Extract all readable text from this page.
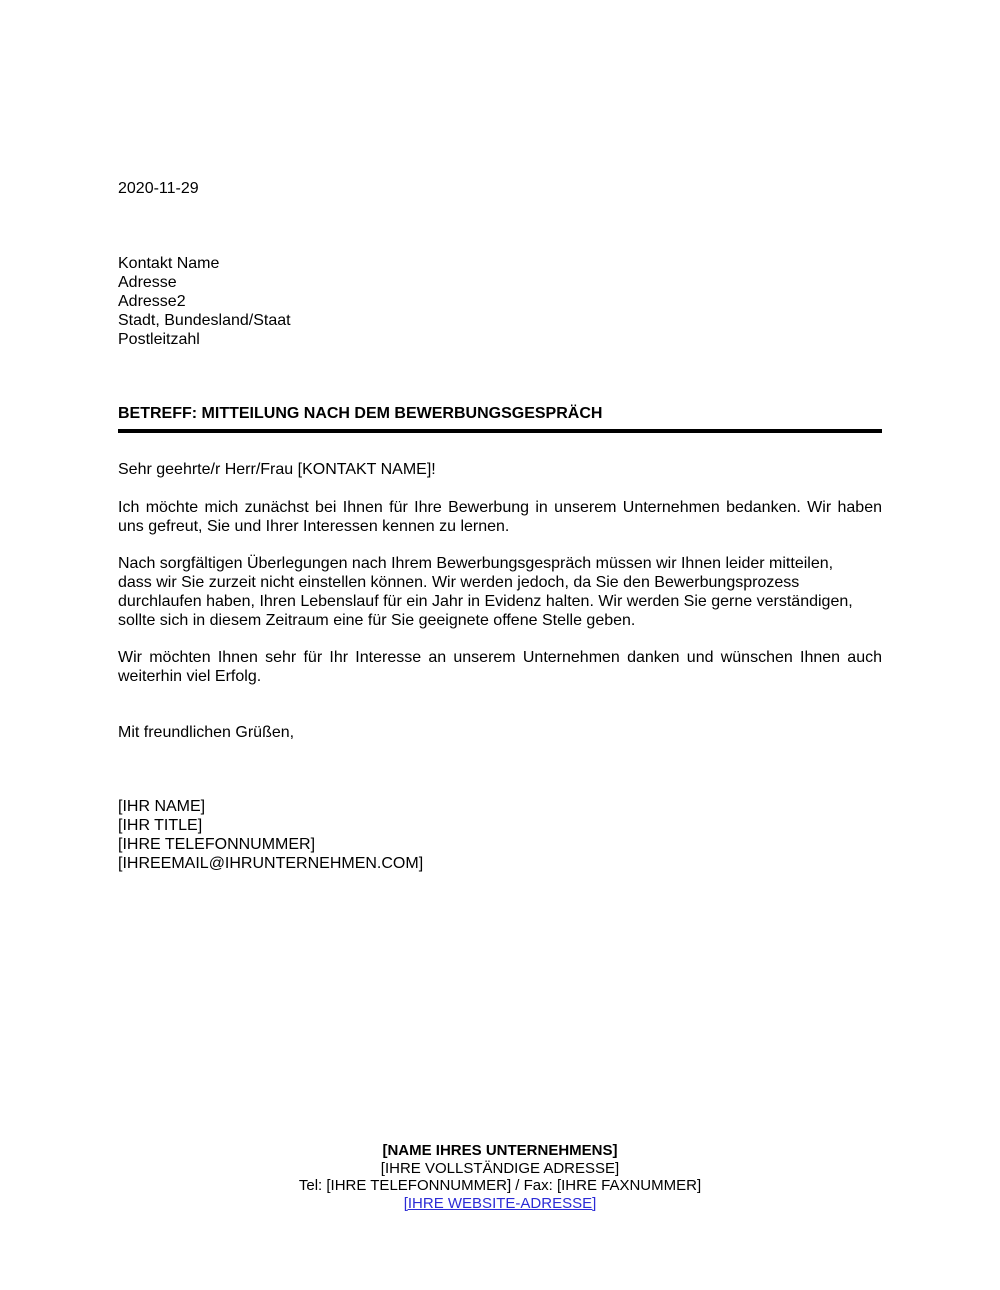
2020-11-29
Kontakt Name
Adresse
Adresse2
Stadt, Bundesland/Staat
Postleitzahl
BETREFF: MITTEILUNG NACH DEM BEWERBUNGSGESPRÄCH
Sehr geehrte/r Herr/Frau [KONTAKT NAME]!
Ich möchte mich zunächst bei Ihnen für Ihre Bewerbung in unserem Unternehmen bedanken. Wir haben
uns gefreut, Sie und Ihrer Interessen kennen zu lernen.
Nach sorgfältigen Überlegungen nach Ihrem Bewerbungsgespräch müssen wir Ihnen leider mitteilen,
dass wir Sie zurzeit nicht einstellen können. Wir werden jedoch, da Sie den Bewerbungsprozess
durchlaufen haben, Ihren Lebenslauf für ein Jahr in Evidenz halten. Wir werden Sie gerne verständigen,
sollte sich in diesem Zeitraum eine für Sie geeignete offene Stelle geben.
Wir möchten Ihnen sehr für Ihr Interesse an unserem Unternehmen danken und wünschen Ihnen auch
weiterhin viel Erfolg.
Mit freundlichen Grüßen,
[IHR NAME]
[IHR TITLE]
[IHRE TELEFONNUMMER]
[IHREEMAIL@IHRUNTERNEHMEN.COM]
[NAME IHRES UNTERNEHMENS]
[IHRE VOLLSTÄNDIGE ADRESSE]
Tel: [IHRE TELEFONNUMMER] / Fax: [IHRE FAXNUMMER]
[IHRE WEBSITE-ADRESSE]
